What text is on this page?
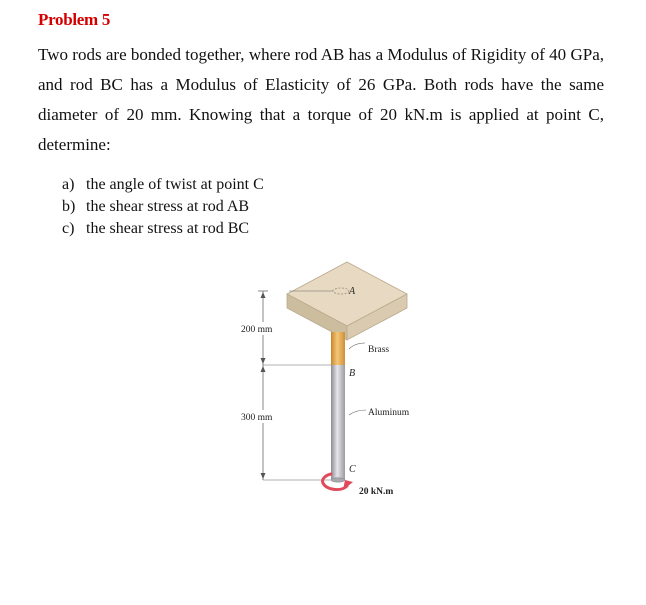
Problem 5

Two rods are bonded together, where rod AB has a Modulus of Rigidity of 40 GPa, and rod BC has a Modulus of Elasticity of 26 GPa. Both rods have the same diameter of 20 mm. Knowing that a torque of 20 kN.m is applied at point C, determine:

a) the angle of twist at point C
b) the shear stress at rod AB
c) the shear stress at rod BC
A
B
C
200 mm
300 mm
Brass
Aluminum
20 kN.m
